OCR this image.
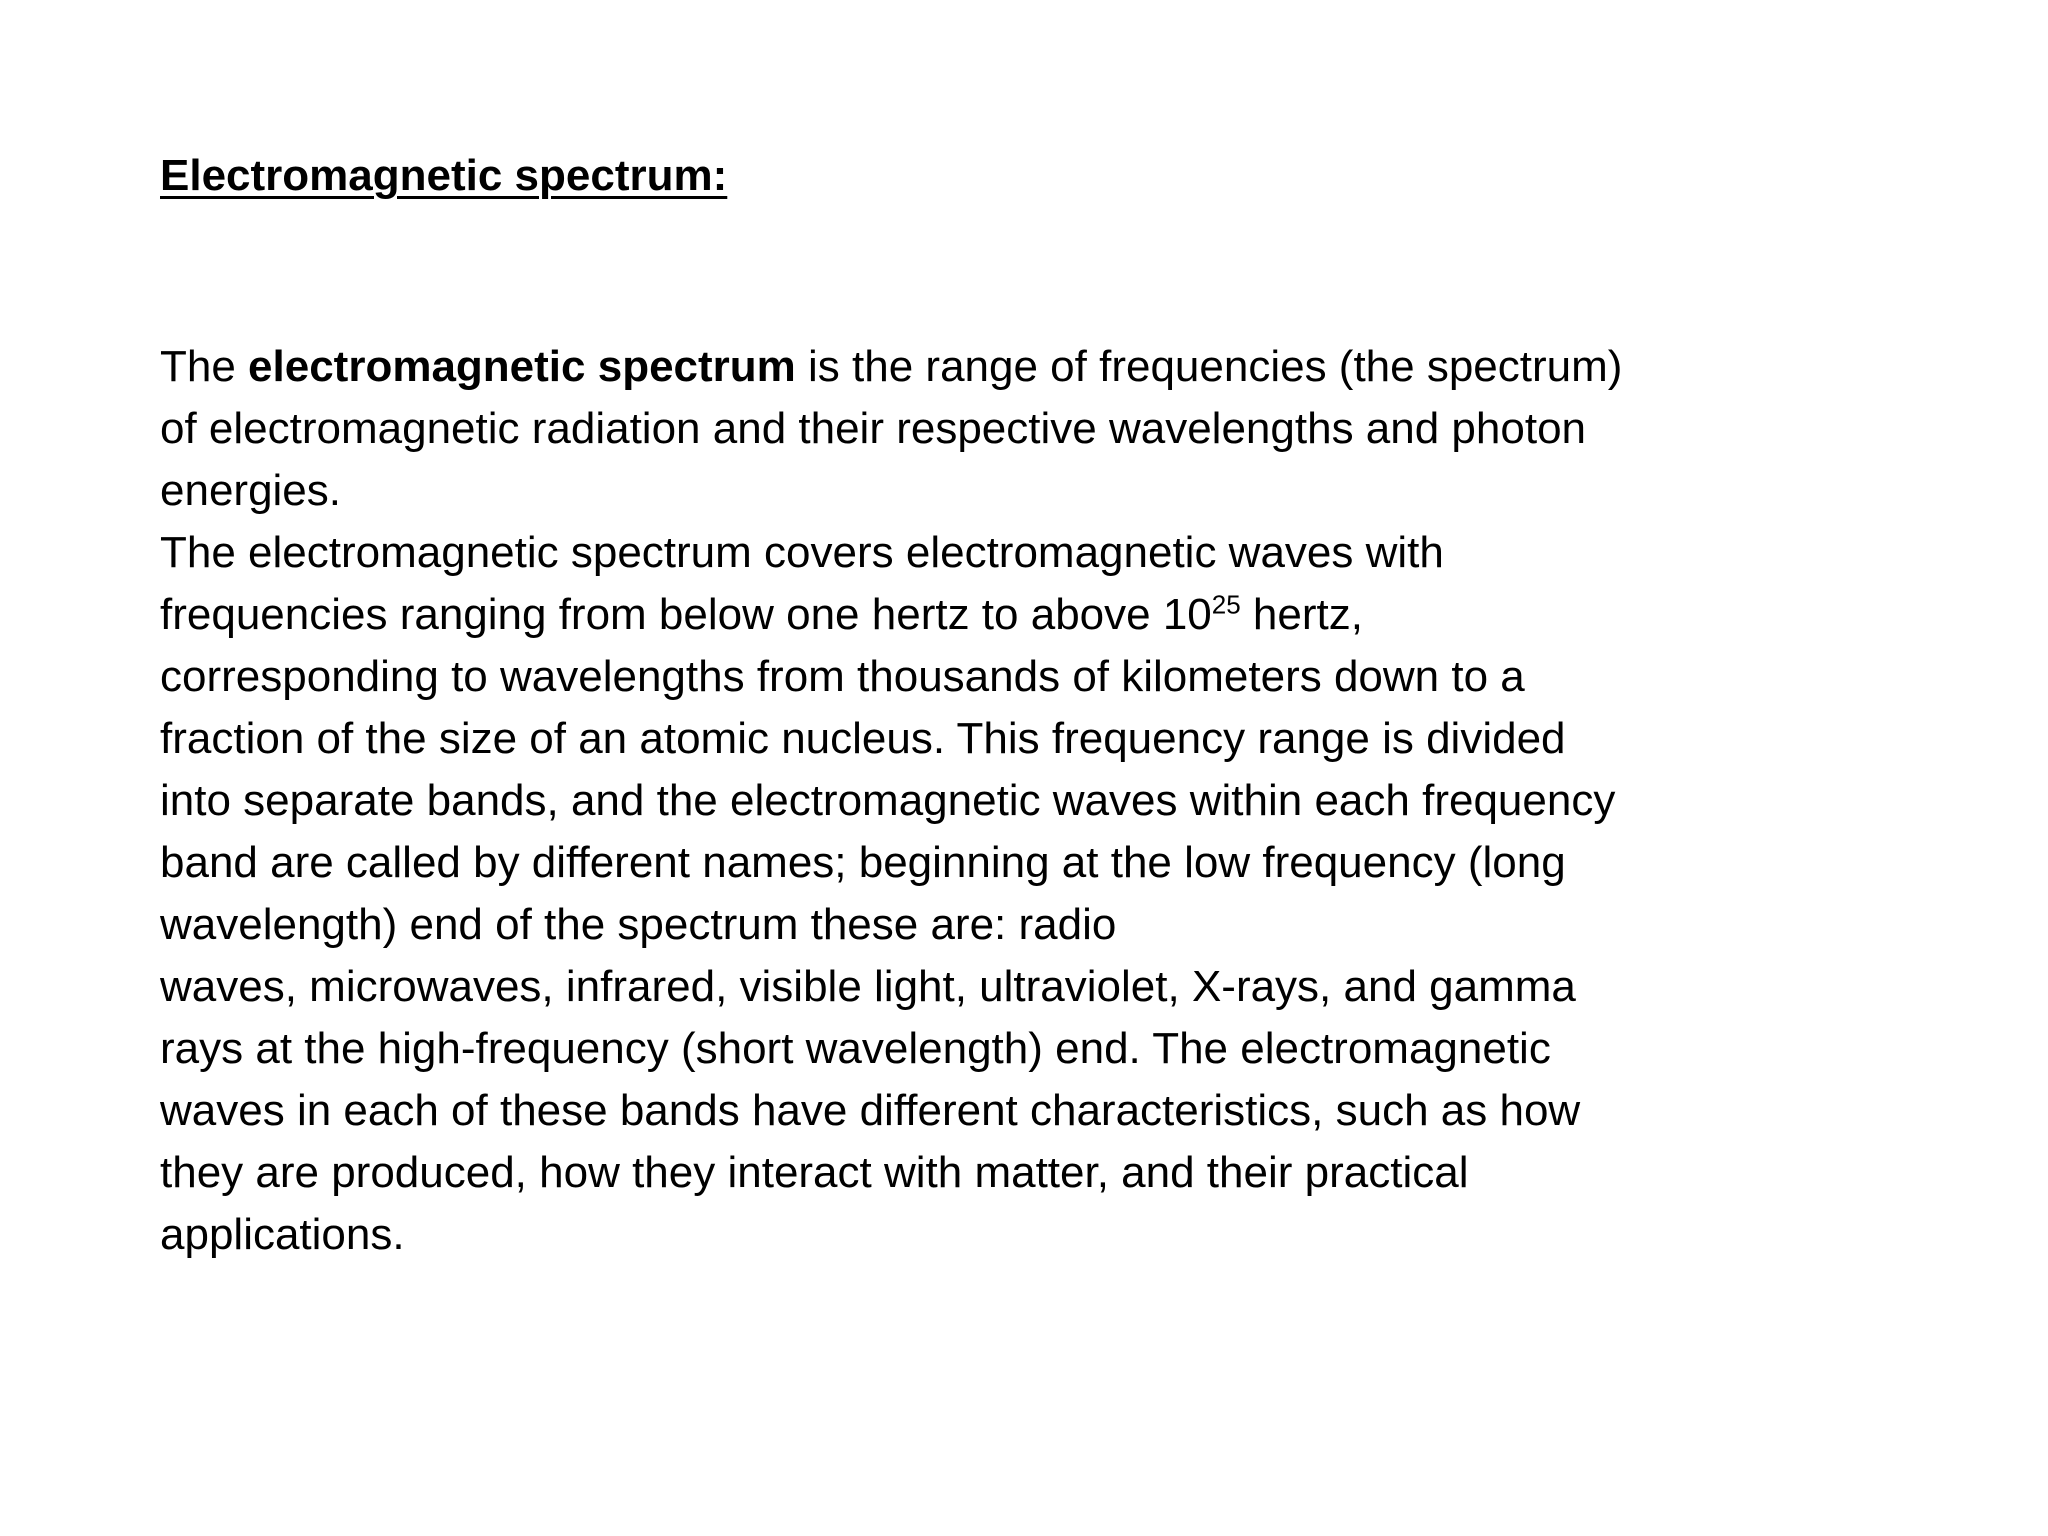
Electromagnetic spectrum:
The electromagnetic spectrum is the range of frequencies (the spectrum)
of electromagnetic radiation and their respective wavelengths and photon
energies.
The electromagnetic spectrum covers electromagnetic waves with
frequencies ranging from below one hertz to above $10^{25}$ hertz,
corresponding to wavelengths from thousands of kilometers down to a
fraction of the size of an atomic nucleus. This frequency range is divided
into separate bands, and the electromagnetic waves within each frequency
band are called by different names; beginning at the low frequency (long
wavelength) end of the spectrum these are: radio
waves, microwaves, infrared, visible light, ultraviolet, X-rays, and gamma
rays at the high-frequency (short wavelength) end. The electromagnetic
waves in each of these bands have different characteristics, such as how
they are produced, how they interact with matter, and their practical
applications.
